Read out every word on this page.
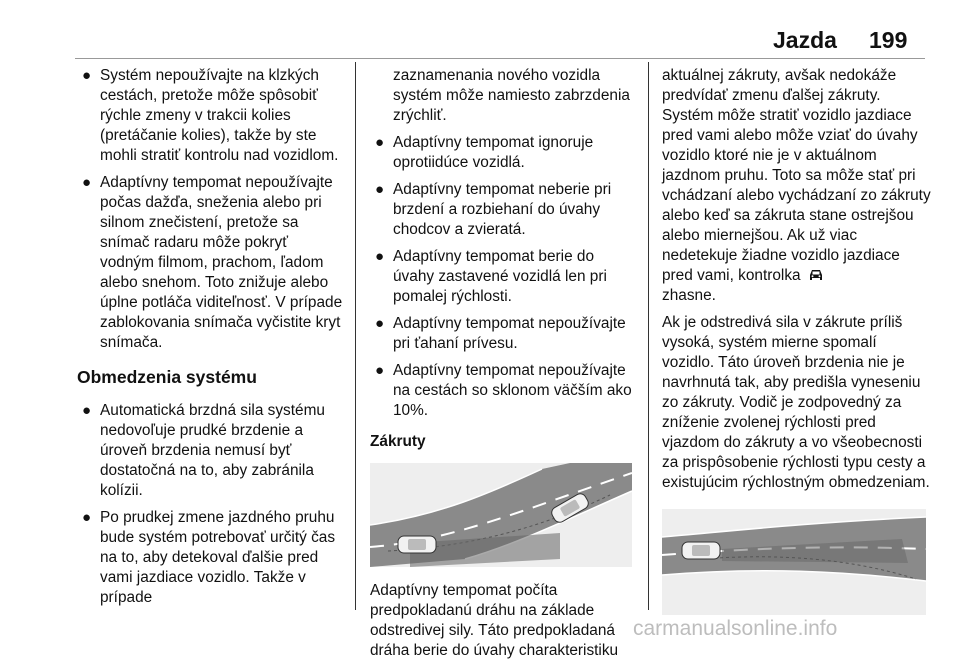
Jazda 199
● Systém nepoužívajte na klzkých cestách, pretože môže spôsobiť rýchle zmeny v trakcii kolies (pretáčanie kolies), takže by ste mohli stratiť kontrolu nad vozidlom.
● Adaptívny tempomat nepoužívajte počas dažďa, sneženia alebo pri silnom znečistení, pretože sa snímač radaru môže pokryť vodným filmom, prachom, ľadom alebo snehom. Toto znižuje alebo úplne potláča viditeľnosť. V prípade zablokovania snímača vyčistite kryt snímača.
Obmedzenia systému
● Automatická brzdná sila systému nedovoľuje prudké brzdenie a úroveň brzdenia nemusí byť dostatočná na to, aby zabránila kolízii.
● Po prudkej zmene jazdného pruhu bude systém potrebovať určitý čas na to, aby detekoval ďalšie pred vami jazdiace vozidlo. Takže v prípade
zaznamenania nového vozidla systém môže namiesto zabrzdenia zrýchliť.
● Adaptívny tempomat ignoruje oprotiidúce vozidlá.
● Adaptívny tempomat neberie pri brzdení a rozbiehaní do úvahy chodcov a zvieratá.
● Adaptívny tempomat berie do úvahy zastavené vozidlá len pri pomalej rýchlosti.
● Adaptívny tempomat nepoužívajte pri ťahaní prívesu.
● Adaptívny tempomat nepoužívajte na cestách so sklonom väčším ako 10%.
Zákruty
Adaptívny tempomat počíta predpokladanú dráhu na základe odstredivej sily. Táto predpokladaná dráha berie do úvahy charakteristiku
aktuálnej zákruty, avšak nedokáže predvídať zmenu ďalšej zákruty. Systém môže stratiť vozidlo jazdiace pred vami alebo môže vziať do úvahy vozidlo ktoré nie je v aktuálnom jazdnom pruhu. Toto sa môže stať pri vchádzaní alebo vychádzaní zo zákruty alebo keď sa zákruta stane ostrejšou alebo miernejšou. Ak už viac nedetekuje žiadne vozidlo jazdiace pred vami, kontrolka
zhasne.
Ak je odstredivá sila v zákrute príliš vysoká, systém mierne spomalí vozidlo. Táto úroveň brzdenia nie je navrhnutá tak, aby predišla vyneseniu zo zákruty. Vodič je zodpovedný za zníženie zvolenej rýchlosti pred vjazdom do zákruty a vo všeobecnosti za prispôsobenie rýchlosti typu cesty a existujúcim rýchlostným obmedzeniam.
carmanualsonline.info
